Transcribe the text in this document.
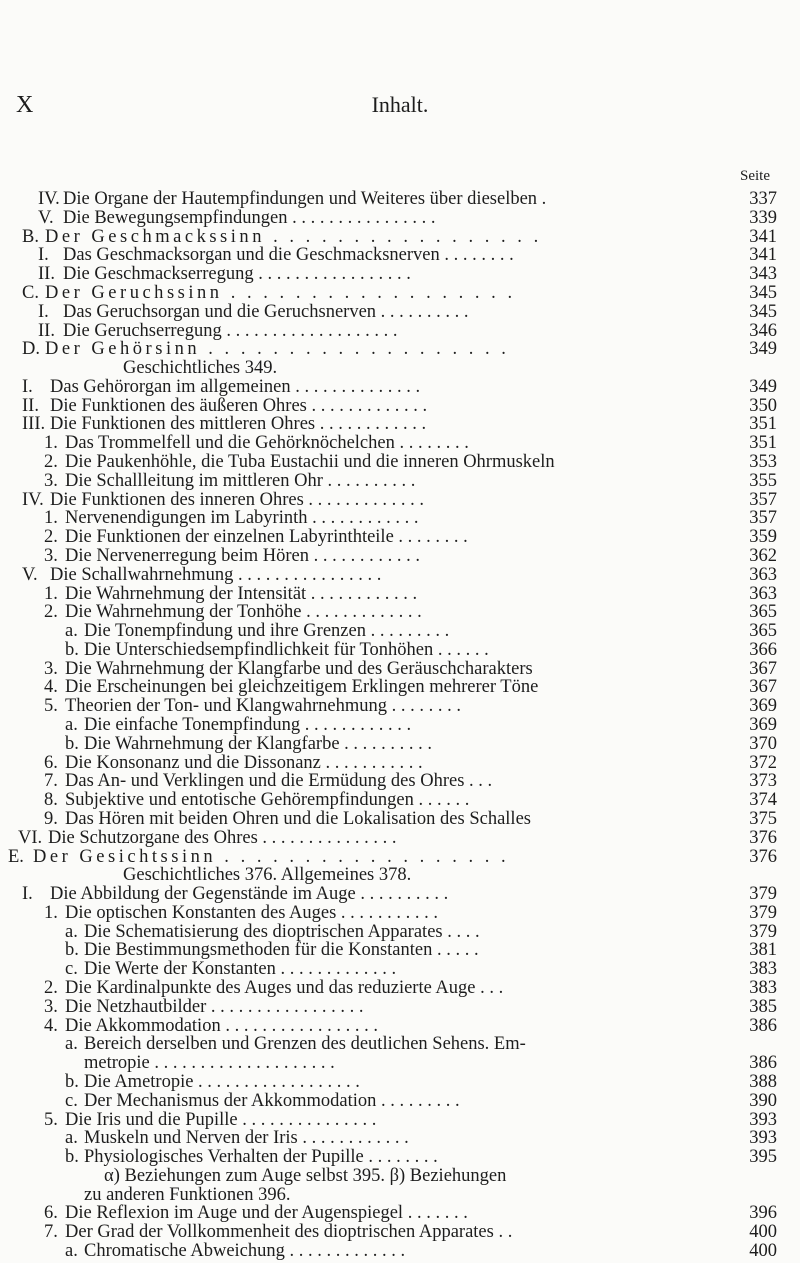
X	Inhalt.
Seite
IV. Die Organe der Hautempfindungen und Weiteres über dieselben .	337
V. Die Bewegungsempfindungen . . . . . . . . . . . . . . . .	339
B. Der Geschmackssinn . . . . . . . . . . . . . . . . .	341
I. Das Geschmacksorgan und die Geschmacksnerven . . . . . . . .	341
II. Die Geschmackserregung . . . . . . . . . . . . . . . . .	343
C. Der Geruchssinn . . . . . . . . . . . . . . . . . .	345
I. Das Geruchsorgan und die Geruchsnerven . . . . . . . . . .	345
II. Die Geruchserregung . . . . . . . . . . . . . . . . . . .	346
D. Der Gehörsinn . . . . . . . . . . . . . . . . . . .	349
Geschichtliches 349.
I. Das Gehörorgan im allgemeinen . . . . . . . . . . . . . .	349
II. Die Funktionen des äußeren Ohres . . . . . . . . . . . . .	350
III. Die Funktionen des mittleren Ohres . . . . . . . . . . . .	351
1. Das Trommelfell und die Gehörknöchelchen . . . . . . . .	351
2. Die Paukenhöhle, die Tuba Eustachii und die inneren Ohrmuskeln	353
3. Die Schallleitung im mittleren Ohr . . . . . . . . . .	355
IV. Die Funktionen des inneren Ohres . . . . . . . . . . . . .	357
1. Nervenendigungen im Labyrinth . . . . . . . . . . . .	357
2. Die Funktionen der einzelnen Labyrinthteile . . . . . . . .	359
3. Die Nervenerregung beim Hören . . . . . . . . . . . .	362
V. Die Schallwahrnehmung . . . . . . . . . . . . . . . .	363
1. Die Wahrnehmung der Intensität . . . . . . . . . . . .	363
2. Die Wahrnehmung der Tonhöhe . . . . . . . . . . . . .	365
a. Die Tonempfindung und ihre Grenzen . . . . . . . . .	365
b. Die Unterschiedsempfindlichkeit für Tonhöhen . . . . . .	366
3. Die Wahrnehmung der Klangfarbe und des Geräuschcharakters	367
4. Die Erscheinungen bei gleichzeitigem Erklingen mehrerer Töne	367
5. Theorien der Ton- und Klangwahrnehmung . . . . . . . .	369
a. Die einfache Tonempfindung . . . . . . . . . . . .	369
b. Die Wahrnehmung der Klangfarbe . . . . . . . . . .	370
6. Die Konsonanz und die Dissonanz . . . . . . . . . . .	372
7. Das An- und Verklingen und die Ermüdung des Ohres . . .	373
8. Subjektive und entotische Gehörempfindungen . . . . . .	374
9. Das Hören mit beiden Ohren und die Lokalisation des Schalles	375
VI. Die Schutzorgane des Ohres . . . . . . . . . . . . . . .	376
E. Der Gesichtssinn . . . . . . . . . . . . . . . . . .	376
Geschichtliches 376. Allgemeines 378.
I. Die Abbildung der Gegenstände im Auge . . . . . . . . . .	379
1. Die optischen Konstanten des Auges . . . . . . . . . . .	379
a. Die Schematisierung des dioptrischen Apparates . . . .	379
b. Die Bestimmungsmethoden für die Konstanten . . . . .	381
c. Die Werte der Konstanten . . . . . . . . . . . . .	383
2. Die Kardinalpunkte des Auges und das reduzierte Auge . . .	383
3. Die Netzhautbilder . . . . . . . . . . . . . . . . .	385
4. Die Akkommodation . . . . . . . . . . . . . . . . .	386
a. Bereich derselben und Grenzen des deutlichen Sehens. Em-
metropie . . . . . . . . . . . . . . . . . . . .	386
b. Die Ametropie . . . . . . . . . . . . . . . . . .	388
c. Der Mechanismus der Akkommodation . . . . . . . . .	390
5. Die Iris und die Pupille . . . . . . . . . . . . . . .	393
a. Muskeln und Nerven der Iris . . . . . . . . . . . .	393
b. Physiologisches Verhalten der Pupille . . . . . . . .	395
α) Beziehungen zum Auge selbst 395. β) Beziehungen
zu anderen Funktionen 396.
6. Die Reflexion im Auge und der Augenspiegel . . . . . . .	396
7. Der Grad der Vollkommenheit des dioptrischen Apparates . .	400
a. Chromatische Abweichung . . . . . . . . . . . . .	400
